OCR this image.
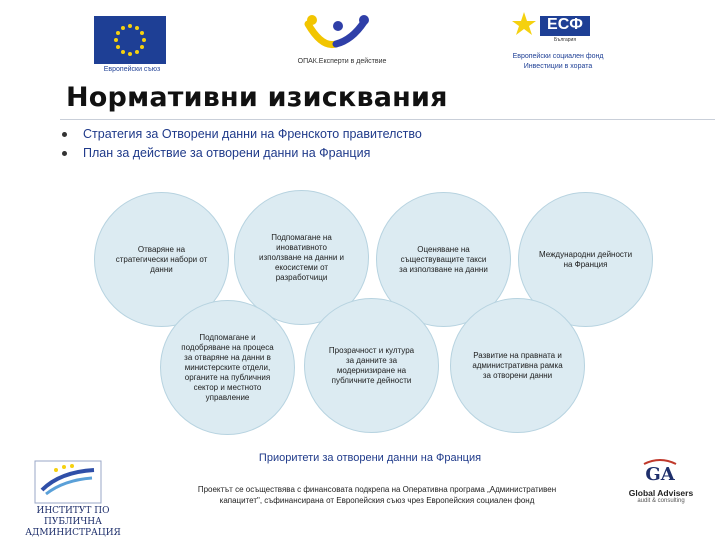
Европейски съюз
ОПАК.Експерти в действие
ЕСФ
България
Европейски социален фонд
Инвестиции в хората
Нормативни изисквания
Стратегия за Отворени данни на Френското правителство
План за действие за отворени данни на Франция
Отваряне на стратегически набори от данни
Подпомагане на иновативното използване на данни и екосистеми от разработчици
Оценяване на съществуващите такси за използване на данни
Международни дейности на Франция
Подпомагане и подобряване на процеса за отваряне на данни в министерските отдели, органите на публичния сектор и местното управление
Прозрачност и култура за данните за модернизиране на публичните дейности
Развитие на правната и административна рамка за отворени данни
Приоритети за отворени данни на Франция
ИНСТИТУТ ПО ПУБЛИЧНА
АДМИНИСТРАЦИЯ
Проектът се осъществява с финансовата подкрепа на Оперативна програма „Административен
капацитет", съфинансирана от Европейския съюз чрез Европейския социален фонд
GA
Global Advisers
audit & consulting
